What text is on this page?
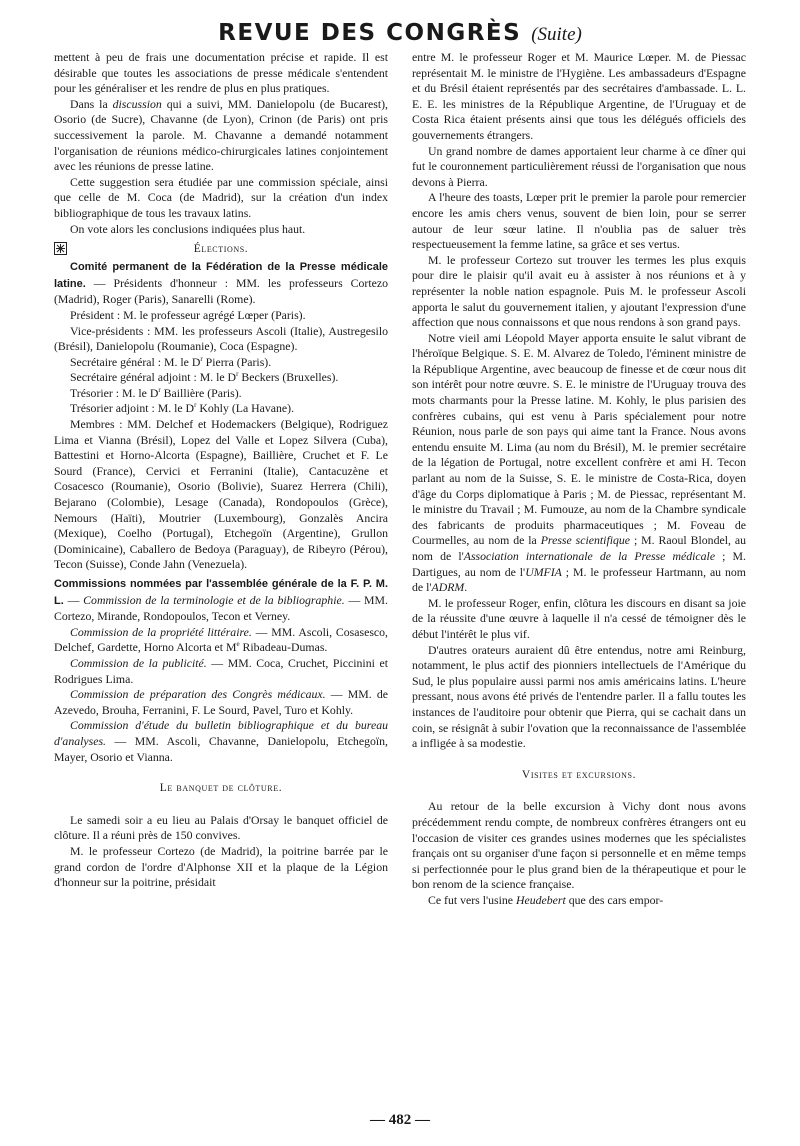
REVUE DES CONGRÈS (Suite)

mettent à peu de frais une documentation précise et rapide. Il est désirable que toutes les associations de presse médicale s'entendent pour les généraliser et les rendre de plus en plus pratiques.

Dans la discussion qui a suivi, MM. Danielopolu (de Bucarest), Osorio (de Sucre), Chavanne (de Lyon), Crinon (de Paris) ont pris successivement la parole. M. Chavanne a demandé notamment l'organisation de réunions médico-chirurgicales latines conjointement avec les réunions de presse latine.

Cette suggestion sera étudiée par une commission spéciale, ainsi que celle de M. Coca (de Madrid), sur la création d'un index bibliographique de tous les travaux latins.

On vote alors les conclusions indiquées plus haut.

Élections.

Comité permanent de la Fédération de la Presse médicale latine. — Présidents d'honneur : MM. les professeurs Cortezo (Madrid), Roger (Paris), Sanarelli (Rome).

Président : M. le professeur agrégé Lœper (Paris).

Vice-présidents : MM. les professeurs Ascoli (Italie), Austregesilo (Brésil), Danielopolu (Roumanie), Coca (Espagne).

Secrétaire général : M. le $D^r$ Pierra (Paris).

Secrétaire général adjoint : M. le $D^r$ Beckers (Bruxelles).

Trésorier : M. le $D^r$ Baillière (Paris).

Trésorier adjoint : M. le $D^r$ Kohly (La Havane).

Membres : MM. Delchef et Hodemackers (Belgique), Rodriguez Lima et Vianna (Brésil), Lopez del Valle et Lopez Silvera (Cuba), Battestini et Horno-Alcorta (Espagne), Baillière, Cruchet et F. Le Sourd (France), Cervici et Ferranini (Italie), Cantacuzène et Cosacesco (Roumanie), Osorio (Bolivie), Suarez Herrera (Chili), Bejarano (Colombie), Lesage (Canada), Rondopoulos (Grèce), Nemours (Haïti), Moutrier (Luxembourg), Gonzalès Ancira (Mexique), Coelho (Portugal), Etchegoïn (Argentine), Grullon (Dominicaine), Caballero de Bedoya (Paraguay), de Ribeyro (Pérou), Tecon (Suisse), Conde Jahn (Venezuela).

Commissions nommées par l'assemblée générale de la F. P. M. L. — Commission de la terminologie et de la bibliographie. — MM. Cortezo, Mirande, Rondopoulos, Tecon et Verney.

Commission de la propriété littéraire. — MM. Ascoli, Cosasesco, Delchef, Gardette, Horno Alcorta et Me Ribadeau-Dumas.

Commission de la publicité. — MM. Coca, Cruchet, Piccinini et Rodrigues Lima.

Commission de préparation des Congrès médicaux. — MM. de Azevedo, Brouha, Ferranini, F. Le Sourd, Pavel, Turo et Kohly.

Commission d'étude du bulletin bibliographique et du bureau d'analyses. — MM. Ascoli, Chavanne, Danielopolu, Etchegoïn, Mayer, Osorio et Vianna.

Le banquet de clôture.

Le samedi soir a eu lieu au Palais d'Orsay le banquet officiel de clôture. Il a réuni près de 150 convives.

M. le professeur Cortezo (de Madrid), la poitrine barrée par le grand cordon de l'ordre d'Alphonse XII et la plaque de la Légion d'honneur sur la poitrine, présidait

entre M. le professeur Roger et M. Maurice Lœper. M. de Piessac représentait M. le ministre de l'Hygiène. Les ambassadeurs d'Espagne et du Brésil étaient représentés par des secrétaires d'ambassade. L. L. E. E. les ministres de la République Argentine, de l'Uruguay et de Costa Rica étaient présents ainsi que tous les délégués officiels des gouvernements étrangers.

Un grand nombre de dames apportaient leur charme à ce dîner qui fut le couronnement particulièrement réussi de l'organisation que nous devons à Pierra.

A l'heure des toasts, Lœper prit le premier la parole pour remercier encore les amis chers venus, souvent de bien loin, pour se serrer autour de leur sœur latine. Il n'oublia pas de saluer très respectueusement la femme latine, sa grâce et ses vertus.

M. le professeur Cortezo sut trouver les termes les plus exquis pour dire le plaisir qu'il avait eu à assister à nos réunions et à y représenter la noble nation espagnole. Puis M. le professeur Ascoli apporta le salut du gouvernement italien, y ajoutant l'expression d'une affection que nous connaissons et que nous rendons à son grand pays.

Notre vieil ami Léopold Mayer apporta ensuite le salut vibrant de l'héroïque Belgique. S. E. M. Alvarez de Toledo, l'éminent ministre de la République Argentine, avec beaucoup de finesse et de cœur nous dit son intérêt pour notre œuvre. S. E. le ministre de l'Uruguay trouva des mots charmants pour la Presse latine. M. Kohly, le plus parisien des confrères cubains, qui est venu à Paris spécialement pour notre Réunion, nous parle de son pays qui aime tant la France. Nous avons entendu ensuite M. Lima (au nom du Brésil), M. le premier secrétaire de la légation de Portugal, notre excellent confrère et ami H. Tecon parlant au nom de la Suisse, S. E. le ministre de Costa-Rica, doyen d'âge du Corps diplomatique à Paris ; M. de Piessac, représentant M. le ministre du Travail ; M. Fumouze, au nom de la Chambre syndicale des fabricants de produits pharmaceutiques ; M. Foveau de Courmelles, au nom de la Presse scientifique ; M. Raoul Blondel, au nom de l'Association internationale de la Presse médicale ; M. Dartigues, au nom de l'UMFIA ; M. le professeur Hartmann, au nom de l'ADRM.

M. le professeur Roger, enfin, clôtura les discours en disant sa joie de la réussite d'une œuvre à laquelle il n'a cessé de témoigner dès le début l'intérêt le plus vif.

D'autres orateurs auraient dû être entendus, notre ami Reinburg, notamment, le plus actif des pionniers intellectuels de l'Amérique du Sud, le plus populaire aussi parmi nos amis américains latins. L'heure pressant, nous avons été privés de l'entendre parler. Il a fallu toutes les instances de l'auditoire pour obtenir que Pierra, qui se cachait dans un coin, se résignât à subir l'ovation que la reconnaissance de l'assemblée a infligée à sa modestie.

Visites et excursions.

Au retour de la belle excursion à Vichy dont nous avons précédemment rendu compte, de nombreux confrères étrangers ont eu l'occasion de visiter ces grandes usines modernes que les spécialistes français ont su organiser d'une façon si personnelle et en même temps si perfectionnée pour le plus grand bien de la thérapeutique et pour le bon renom de la science française.

Ce fut vers l'usine Heudebert que des cars empor-

— 482 —
